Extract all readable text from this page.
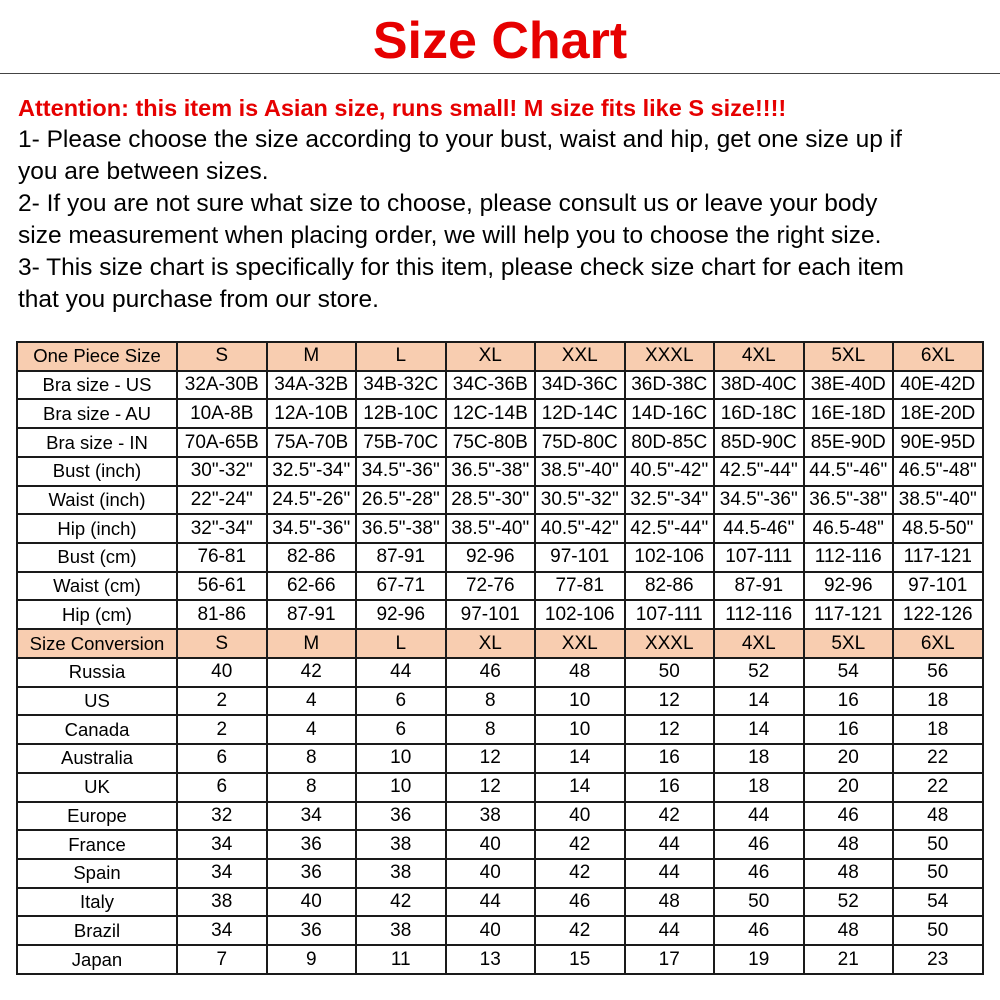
Size Chart

Attention: this item is Asian size, runs small! M size fits like S size!!!!

1- Please choose the size according to your bust, waist and hip, get one size up if

you are between sizes.

2- If you are not sure what size to choose, please consult us or leave your body

size measurement when placing order, we will help you to choose the right size.

3- This size chart is specifically for this item, please check size chart for each item

that you purchase from our store.

One Piece Size	S	M	L	XL	XXL	XXXL	4XL	5XL	6XL
Bra size - US	32A-30B	34A-32B	34B-32C	34C-36B	34D-36C	36D-38C	38D-40C	38E-40D	40E-42D
Bra size - AU	10A-8B	12A-10B	12B-10C	12C-14B	12D-14C	14D-16C	16D-18C	16E-18D	18E-20D
Bra size - IN	70A-65B	75A-70B	75B-70C	75C-80B	75D-80C	80D-85C	85D-90C	85E-90D	90E-95D
Bust (inch)	30"-32"	32.5"-34"	34.5"-36"	36.5"-38"	38.5"-40"	40.5"-42"	42.5"-44"	44.5"-46"	46.5"-48"
Waist (inch)	22"-24"	24.5"-26"	26.5"-28"	28.5"-30"	30.5"-32"	32.5"-34"	34.5"-36"	36.5"-38"	38.5"-40"
Hip (inch)	32"-34"	34.5"-36"	36.5"-38"	38.5"-40"	40.5"-42"	42.5"-44"	44.5-46"	46.5-48"	48.5-50"
Bust (cm)	76-81	82-86	87-91	92-96	97-101	102-106	107-111	112-116	117-121
Waist (cm)	56-61	62-66	67-71	72-76	77-81	82-86	87-91	92-96	97-101
Hip (cm)	81-86	87-91	92-96	97-101	102-106	107-111	112-116	117-121	122-126
Size Conversion	S	M	L	XL	XXL	XXXL	4XL	5XL	6XL
Russia	40	42	44	46	48	50	52	54	56
US	2	4	6	8	10	12	14	16	18
Canada	2	4	6	8	10	12	14	16	18
Australia	6	8	10	12	14	16	18	20	22
UK	6	8	10	12	14	16	18	20	22
Europe	32	34	36	38	40	42	44	46	48
France	34	36	38	40	42	44	46	48	50
Spain	34	36	38	40	42	44	46	48	50
Italy	38	40	42	44	46	48	50	52	54
Brazil	34	36	38	40	42	44	46	48	50
Japan	7	9	11	13	15	17	19	21	23
